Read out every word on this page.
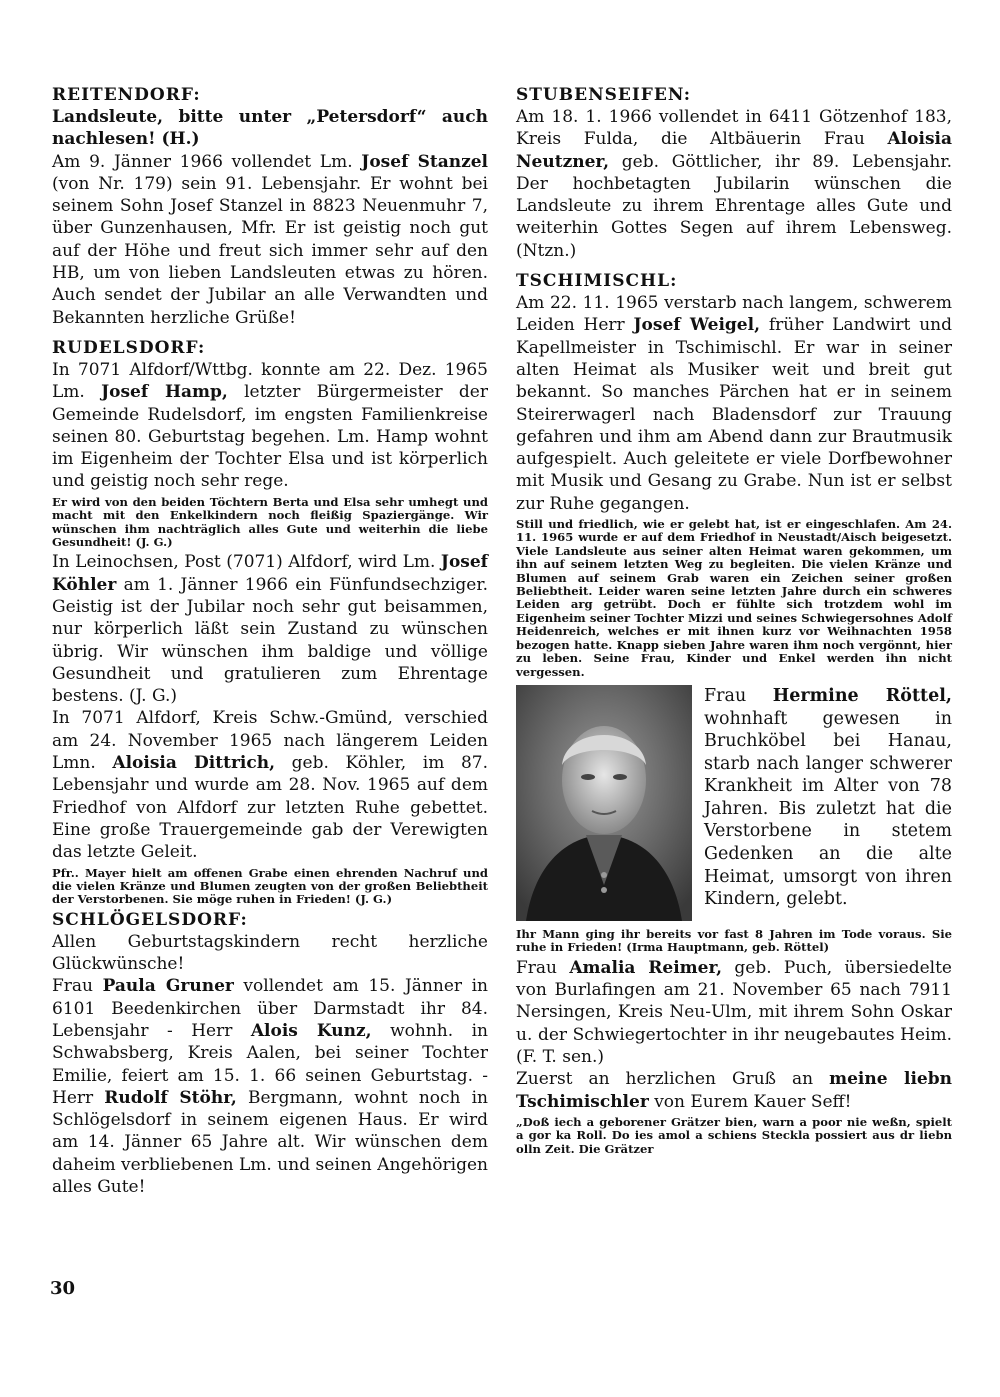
REITENDORF:

Landsleute, bitte unter „Petersdorf“ auch nachlesen! (H.)

Am 9. Jänner 1966 vollendet Lm. Josef Stanzel (von Nr. 179) sein 91. Lebensjahr. Er wohnt bei seinem Sohn Josef Stanzel in 8823 Neuenmuhr 7, über Gunzenhausen, Mfr. Er ist geistig noch gut auf der Höhe und freut sich immer sehr auf den HB, um von lieben Landsleuten etwas zu hören. Auch sendet der Jubilar an alle Verwandten und Bekannten herzliche Grüße!

RUDELSDORF:

In 7071 Alfdorf/Wttbg. konnte am 22. Dez. 1965 Lm. Josef Hamp, letzter Bürgermeister der Gemeinde Rudelsdorf, im engsten Familienkreise seinen 80. Geburtstag begehen. Lm. Hamp wohnt im Eigenheim der Tochter Elsa und ist körperlich und geistig noch sehr rege.

Er wird von den beiden Töchtern Berta und Elsa sehr umhegt und macht mit den Enkelkindern noch fleißig Spaziergänge. Wir wünschen ihm nachträglich alles Gute und weiterhin die liebe Gesundheit! (J. G.)

In Leinochsen, Post (7071) Alfdorf, wird Lm. Josef Köhler am 1. Jänner 1966 ein Fünfundsechziger. Geistig ist der Jubilar noch sehr gut beisammen, nur körperlich läßt sein Zustand zu wünschen übrig. Wir wünschen ihm baldige und völlige Gesundheit und gratulieren zum Ehrentage bestens. (J. G.)

In 7071 Alfdorf, Kreis Schw.-Gmünd, verschied am 24. November 1965 nach längerem Leiden Lmn. Aloisia Dittrich, geb. Köhler, im 87. Lebensjahr und wurde am 28. Nov. 1965 auf dem Friedhof von Alfdorf zur letzten Ruhe gebettet. Eine große Trauergemeinde gab der Verewigten das letzte Geleit.

Pfr.. Mayer hielt am offenen Grabe einen ehrenden Nachruf und die vielen Kränze und Blumen zeugten von der großen Beliebtheit der Verstorbenen. Sie möge ruhen in Frieden! (J. G.)

SCHLÖGELSDORF:

Allen Geburtstagskindern recht herzliche Glückwünsche!

Frau Paula Gruner vollendet am 15. Jänner in 6101 Beedenkirchen über Darmstadt ihr 84. Lebensjahr - Herr Alois Kunz, wohnh. in Schwabsberg, Kreis Aalen, bei seiner Tochter Emilie, feiert am 15. 1. 66 seinen Geburtstag. - Herr Rudolf Stöhr, Bergmann, wohnt noch in Schlögelsdorf in seinem eigenen Haus. Er wird am 14. Jänner 65 Jahre alt. Wir wünschen dem daheim verbliebenen Lm. und seinen Angehörigen alles Gute!

STUBENSEIFEN:

Am 18. 1. 1966 vollendet in 6411 Götzenhof 183, Kreis Fulda, die Altbäuerin Frau Aloisia Neutzner, geb. Göttlicher, ihr 89. Lebensjahr. Der hochbetagten Jubilarin wünschen die Landsleute zu ihrem Ehrentage alles Gute und weiterhin Gottes Segen auf ihrem Lebensweg. (Ntzn.)

TSCHIMISCHL:

Am 22. 11. 1965 verstarb nach langem, schwerem Leiden Herr Josef Weigel, früher Landwirt und Kapellmeister in Tschimischl. Er war in seiner alten Heimat als Musiker weit und breit gut bekannt. So manches Pärchen hat er in seinem Steirerwagerl nach Bladensdorf zur Trauung gefahren und ihm am Abend dann zur Brautmusik aufgespielt. Auch geleitete er viele Dorfbewohner mit Musik und Gesang zu Grabe. Nun ist er selbst zur Ruhe gegangen.

Still und friedlich, wie er gelebt hat, ist er eingeschlafen. Am 24. 11. 1965 wurde er auf dem Friedhof in Neustadt/Aisch beigesetzt. Viele Landsleute aus seiner alten Heimat waren gekommen, um ihn auf seinem letzten Weg zu begleiten. Die vielen Kränze und Blumen auf seinem Grab waren ein Zeichen seiner großen Beliebtheit. Leider waren seine letzten Jahre durch ein schweres Leiden arg getrübt. Doch er fühlte sich trotzdem wohl im Eigenheim seiner Tochter Mizzi und seines Schwiegersohnes Adolf Heidenreich, welches er mit ihnen kurz vor Weihnachten 1958 bezogen hatte. Knapp sieben Jahre waren ihm noch vergönnt, hier zu leben. Seine Frau, Kinder und Enkel werden ihn nicht vergessen.

Frau Hermine Röttel, wohnhaft gewesen in Bruchköbel bei Hanau, starb nach langer schwerer Krankheit im Alter von 78 Jahren. Bis zuletzt hat die Verstorbene in stetem Gedenken an die alte Heimat, umsorgt von ihren Kindern, gelebt.

Ihr Mann ging ihr bereits vor fast 8 Jahren im Tode voraus. Sie ruhe in Frieden! (Irma Hauptmann, geb. Röttel)

Frau Amalia Reimer, geb. Puch, übersiedelte von Burlafingen am 21. November 65 nach 7911 Nersingen, Kreis Neu-Ulm, mit ihrem Sohn Oskar u. der Schwiegertochter in ihr neugebautes Heim. (F. T. sen.)

Zuerst an herzlichen Gruß an meine liebn Tschimischler von Eurem Kauer Seff!

„Doß iech a geborener Grätzer bien, warn a poor nie weßn, spielt a gor ka Roll. Do ies amol a schiens Steckla possiert aus dr liebn olln Zeit. Die Grätzer

30
